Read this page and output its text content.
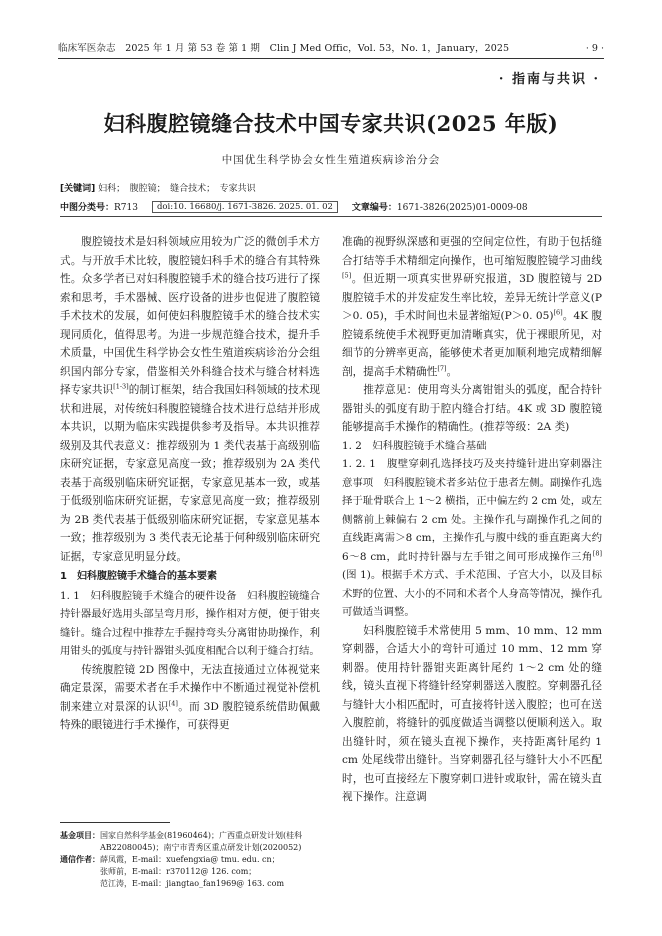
临床军医杂志　2025 年 1 月 第 53 卷 第 1 期　Clin J Med Offic，Vol. 53，No. 1，January，2025	· 9 ·
· 指南与共识 ·
妇科腹腔镜缝合技术中国专家共识(2025 年版)
中国优生科学协会女性生殖道疾病诊治分会
[关键词] 妇科；　腹腔镜；　缝合技术；　专家共识
中图分类号：R713	doi:10. 16680/j. 1671-3826. 2025. 01. 02	文章编号：1671-3826(2025)01-0009-08

腹腔镜技术是妇科领域应用较为广泛的微创手术方式。与开放手术比较，腹腔镜妇科手术的缝合有其特殊性。众多学者已对妇科腹腔镜手术的缝合技巧进行了探索和思考，手术器械、医疗设备的进步也促进了腹腔镜手术技术的发展，如何使妇科腹腔镜手术的缝合技术实现同质化，值得思考。为进一步规范缝合技术，提升手术质量，中国优生科学协会女性生殖道疾病诊治分会组织国内部分专家，借鉴相关外科缝合技术与缝合材料选择专家共识[1-3]的制订框架，结合我国妇科领域的技术现状和进展，对传统妇科腹腔镜缝合技术进行总结并形成本共识，以期为临床实践提供参考及指导。本共识推荐级别及其代表意义：推荐级别为 1 类代表基于高级别临床研究证据，专家意见高度一致；推荐级别为 2A 类代表基于高级别临床研究证据，专家意见基本一致，或基于低级别临床研究证据，专家意见高度一致；推荐级别为 2B 类代表基于低级别临床研究证据，专家意见基本一致；推荐级别为 3 类代表无论基于何种级别临床研究证据，专家意见明显分歧。

1　妇科腹腔镜手术缝合的基本要素

1. 1　 妇科腹腔镜手术缝合的硬件设备　妇科腹腔镜缝合持针器最好选用头部呈弯月形，操作相对方便，便于钳夹缝针。缝合过程中推荐左手握持弯头分离钳协助操作，利用钳头的弧度与持针器钳头弧度相配合以利于缝合打结。

传统腹腔镜 2D 图像中，无法直接通过立体视觉来确定景深，需要术者在手术操作中不断通过视觉补偿机制来建立对景深的认识[4]。而 3D 腹腔镜系统借助佩戴特殊的眼镜进行手术操作，可获得更

准确的视野纵深感和更强的空间定位性，有助于包括缝合打结等手术精细定向操作，也可缩短腹腔镜学习曲线[5]。但近期一项真实世界研究报道，3D 腹腔镜与 2D 腹腔镜手术的并发症发生率比较，差异无统计学意义(P＞0. 05)，手术时间也未显著缩短(P＞0. 05)[6]。4K 腹腔镜系统使手术视野更加清晰真实，优于裸眼所见，对细节的分辨率更高，能够使术者更加顺利地完成精细解剖，提高手术精确性[7]。

推荐意见：使用弯头分离钳钳头的弧度，配合持针器钳头的弧度有助于腔内缝合打结。4K 或 3D 腹腔镜能够提高手术操作的精确性。(推荐等级：2A 类)

1. 2　妇科腹腔镜手术缝合基础

1. 2. 1　 腹壁穿刺孔选择技巧及夹持缝针进出穿刺器注意事项　妇科腹腔镜术者多站位于患者左侧。副操作孔选择于耻骨联合上 1～2 横指，正中偏左约 2 cm 处，或左侧髂前上棘偏右 2 cm 处。主操作孔与副操作孔之间的直线距离需＞8 cm，主操作孔与腹中线的垂直距离大约 6～8 cm，此时持针器与左手钳之间可形成操作三角[8](图 1)。根据手术方式、手术范围、子宫大小，以及目标术野的位置、大小的不同和术者个人身高等情况，操作孔可做适当调整。

妇科腹腔镜手术常使用 5 mm、10 mm、12 mm 穿刺器，合适大小的弯针可通过 10 mm、12 mm 穿刺器。使用持针器钳夹距离针尾约 1～2 cm 处的缝线，镜头直视下将缝针经穿刺器送入腹腔。穿刺器孔径与缝针大小相匹配时，可直接将针送入腹腔；也可在送入腹腔前，将缝针的弧度做适当调整以便顺利送入。取出缝针时，须在镜头直视下操作，夹持距离针尾约 1 cm 处尾线带出缝针。当穿刺器孔径与缝针大小不匹配时，也可直接经左下腹穿刺口进针或取针，需在镜头直视下操作。注意调

基金项目： 国家自然科学基金(81960464)；广西重点研发计划(桂科 AB22080045)；南宁市青秀区重点研发计划(2020052)
通信作者： 薛凤霞，E-mail：xuefengxia@ tmu. edu. cn；
张师前，E-mail：r370112@ 126. com；
范江涛，E-mail：jiangtao_fan1969@ 163. com
